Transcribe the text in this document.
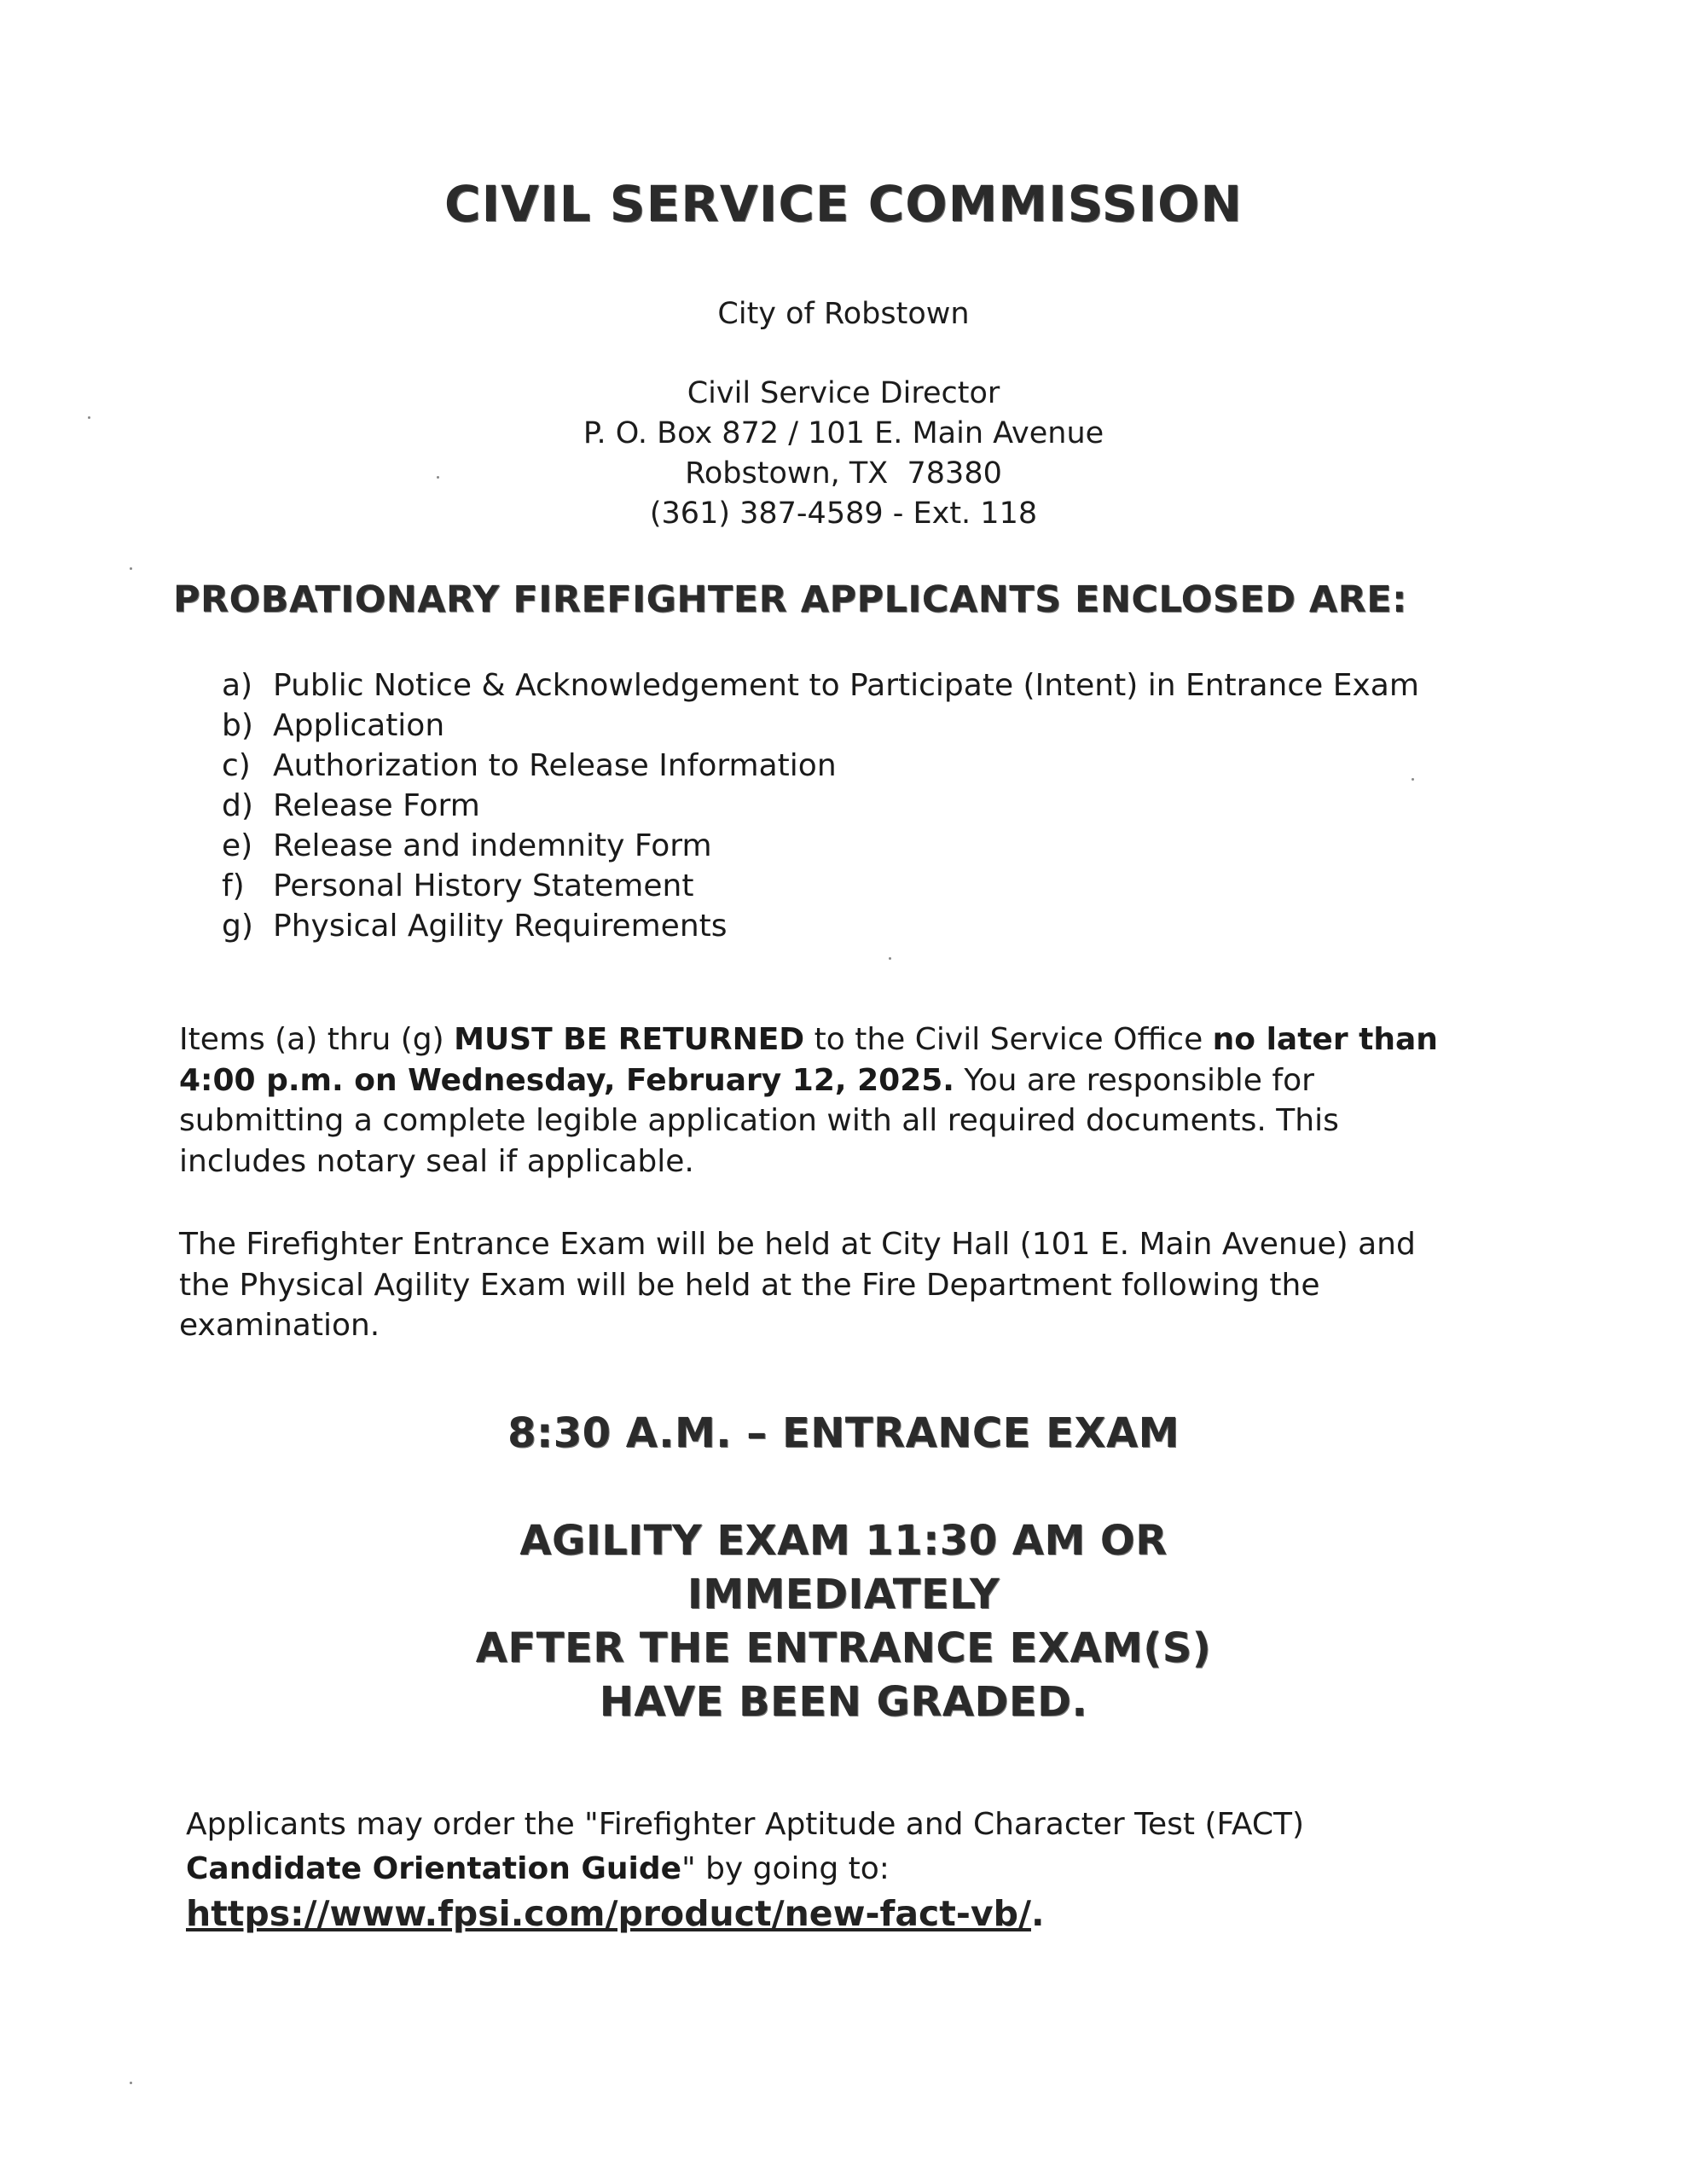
CIVIL SERVICE COMMISSION
City of Robstown
Civil Service Director
P. O. Box 872 / 101 E. Main Avenue
Robstown, TX  78380
(361) 387-4589 - Ext. 118
PROBATIONARY FIREFIGHTER APPLICANTS ENCLOSED ARE:
a) Public Notice & Acknowledgement to Participate (Intent) in Entrance Exam
b) Application
c) Authorization to Release Information
d) Release Form
e) Release and indemnity Form
f) Personal History Statement
g) Physical Agility Requirements
Items (a) thru (g) MUST BE RETURNED to the Civil Service Office no later than 4:00 p.m. on Wednesday, February 12, 2025. You are responsible for submitting a complete legible application with all required documents. This includes notary seal if applicable.
The Firefighter Entrance Exam will be held at City Hall (101 E. Main Avenue) and the Physical Agility Exam will be held at the Fire Department following the examination.
8:30 A.M. – ENTRANCE EXAM
AGILITY EXAM 11:30 AM OR
IMMEDIATELY
AFTER THE ENTRANCE EXAM(S)
HAVE BEEN GRADED.
Applicants may order the "Firefighter Aptitude and Character Test (FACT) Candidate Orientation Guide" by going to: https://www.fpsi.com/product/new-fact-vb/.
